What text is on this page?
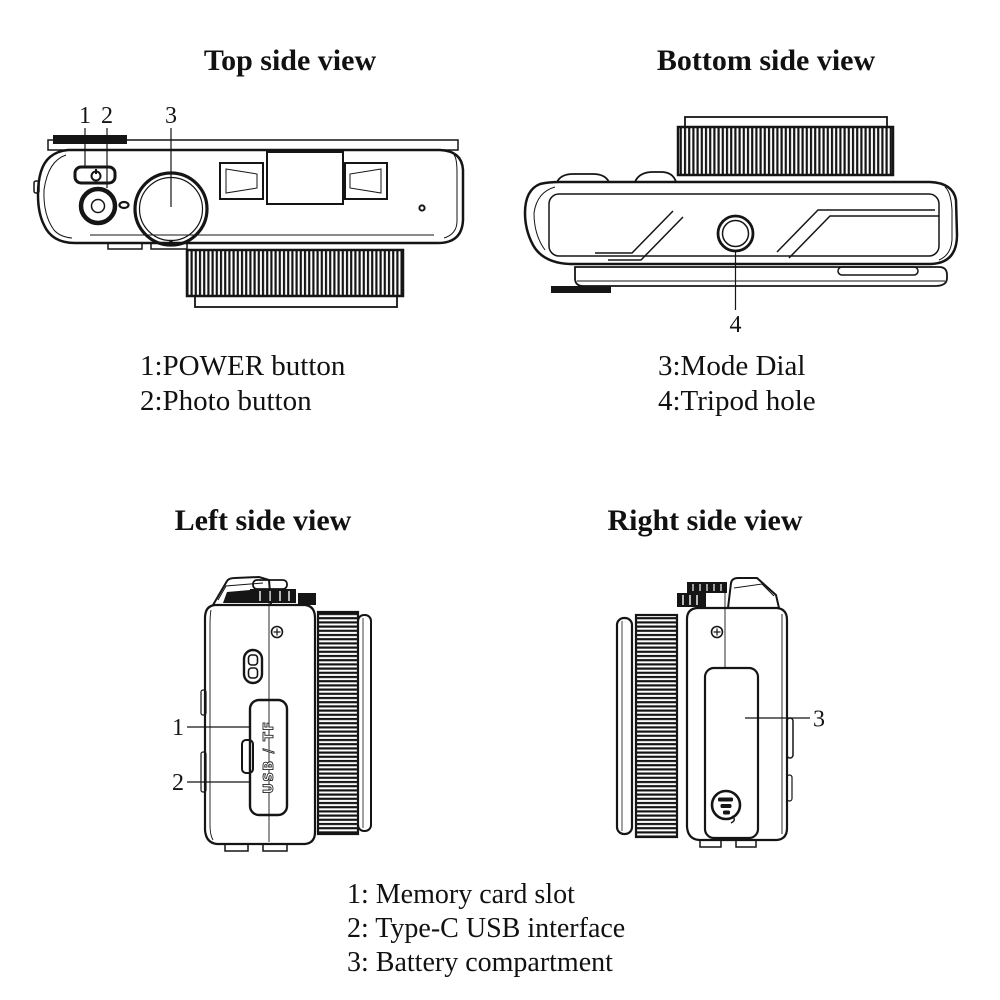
Top side view	Bottom side view
Left side view	Right side view
1:POWER button
2:Photo button
3:Mode Dial
4:Tripod hole
1: Memory card slot
2: Type-C USB interface
3: Battery compartment
1 2 3
4
USB / TF
1
2
3
